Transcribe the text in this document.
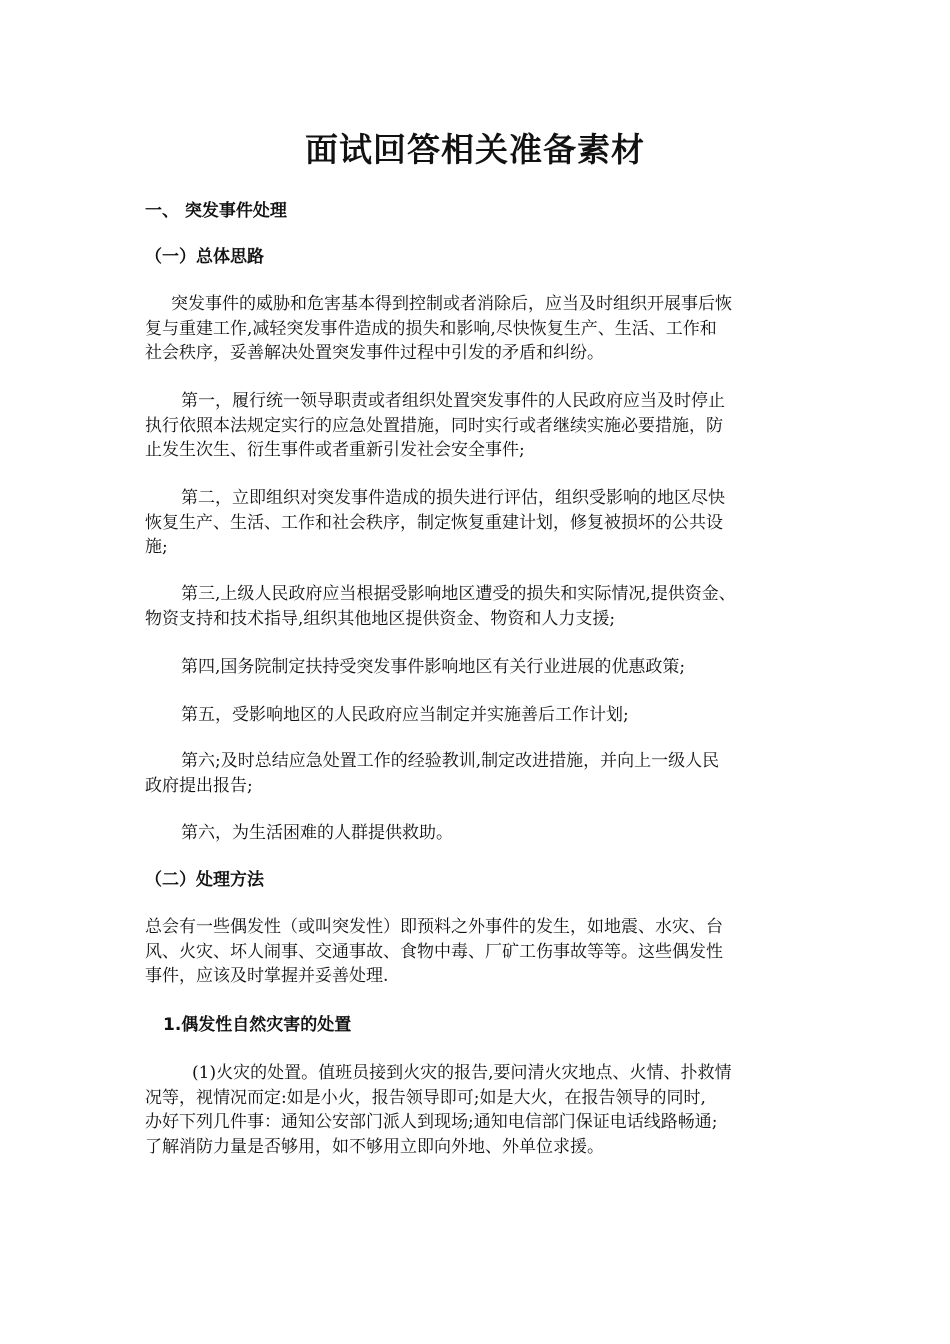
面试回答相关准备素材
一、 突发事件处理
（一）总体思路
突发事件的威胁和危害基本得到控制或者消除后，应当及时组织开展事后恢
复与重建工作,减轻突发事件造成的损失和影响,尽快恢复生产、生活、工作和
社会秩序，妥善解决处置突发事件过程中引发的矛盾和纠纷。
第一，履行统一领导职责或者组织处置突发事件的人民政府应当及时停止
执行依照本法规定实行的应急处置措施，同时实行或者继续实施必要措施，防
止发生次生、衍生事件或者重新引发社会安全事件;
第二，立即组织对突发事件造成的损失进行评估，组织受影响的地区尽快
恢复生产、生活、工作和社会秩序，制定恢复重建计划，修复被损坏的公共设
施;
第三,上级人民政府应当根据受影响地区遭受的损失和实际情况,提供资金、
物资支持和技术指导,组织其他地区提供资金、物资和人力支援;
第四,国务院制定扶持受突发事件影响地区有关行业进展的优惠政策;
第五，受影响地区的人民政府应当制定并实施善后工作计划;
第六;及时总结应急处置工作的经验教训,制定改进措施，并向上一级人民
政府提出报告;
第六，为生活困难的人群提供救助。
（二）处理方法
总会有一些偶发性（或叫突发性）即预料之外事件的发生，如地震、水灾、台
风、火灾、坏人闹事、交通事故、食物中毒、厂矿工伤事故等等。这些偶发性
事件，应该及时掌握并妥善处理.
1.偶发性自然灾害的处置
(1)火灾的处置。值班员接到火灾的报告,要问清火灾地点、火情、扑救情
况等，视情况而定:如是小火，报告领导即可;如是大火，在报告领导的同时,
办好下列几件事：通知公安部门派人到现场;通知电信部门保证电话线路畅通;
了解消防力量是否够用，如不够用立即向外地、外单位求援。
